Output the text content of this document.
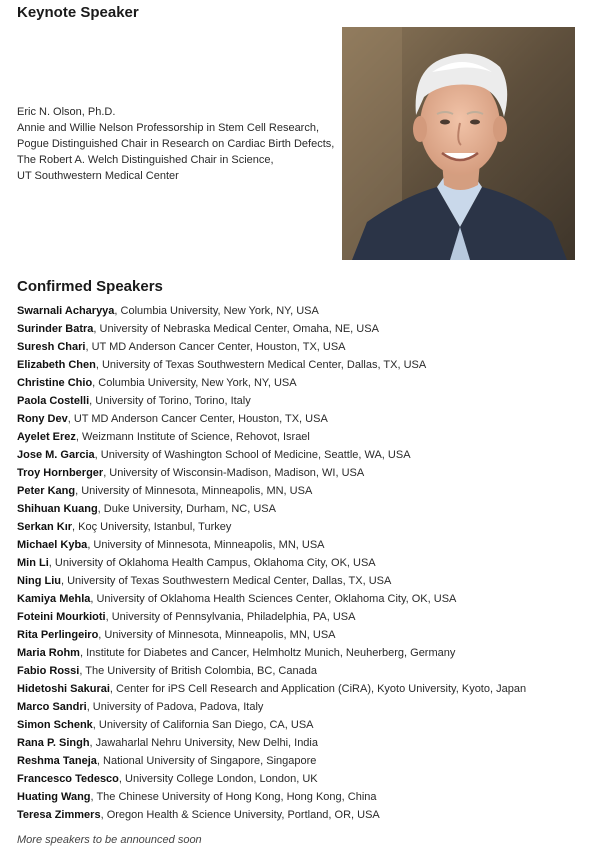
Keynote Speaker
Eric N. Olson, Ph.D.
Annie and Willie Nelson Professorship in Stem Cell Research,
Pogue Distinguished Chair in Research on Cardiac Birth Defects,
The Robert A. Welch Distinguished Chair in Science,
UT Southwestern Medical Center
Confirmed Speakers
Swarnali Acharyya, Columbia University, New York, NY, USA
Surinder Batra, University of Nebraska Medical Center, Omaha, NE, USA
Suresh Chari, UT MD Anderson Cancer Center, Houston, TX, USA
Elizabeth Chen, University of Texas Southwestern Medical Center, Dallas, TX, USA
Christine Chio, Columbia University, New York, NY, USA
Paola Costelli, University of Torino, Torino, Italy
Rony Dev, UT MD Anderson Cancer Center, Houston, TX, USA
Ayelet Erez, Weizmann Institute of Science, Rehovot, Israel
Jose M. Garcia, University of Washington School of Medicine, Seattle, WA, USA
Troy Hornberger, University of Wisconsin-Madison, Madison, WI, USA
Peter Kang, University of Minnesota, Minneapolis, MN, USA
Shihuan Kuang, Duke University, Durham, NC, USA
Serkan Kır, Koç University, Istanbul, Turkey
Michael Kyba, University of Minnesota, Minneapolis, MN, USA
Min Li, University of Oklahoma Health Campus, Oklahoma City, OK, USA
Ning Liu, University of Texas Southwestern Medical Center, Dallas, TX, USA
Kamiya Mehla, University of Oklahoma Health Sciences Center, Oklahoma City, OK, USA
Foteini Mourkioti, University of Pennsylvania, Philadelphia, PA, USA
Rita Perlingeiro, University of Minnesota, Minneapolis, MN, USA
Maria Rohm, Institute for Diabetes and Cancer, Helmholtz Munich, Neuherberg, Germany
Fabio Rossi, The University of British Colombia, BC, Canada
Hidetoshi Sakurai, Center for iPS Cell Research and Application (CiRA), Kyoto University, Kyoto, Japan
Marco Sandri, University of Padova, Padova, Italy
Simon Schenk, University of California San Diego, CA, USA
Rana P. Singh, Jawaharlal Nehru University, New Delhi, India
Reshma Taneja, National University of Singapore, Singapore
Francesco Tedesco, University College London, London, UK
Huating Wang, The Chinese University of Hong Kong, Hong Kong, China
Teresa Zimmers, Oregon Health & Science University, Portland, OR, USA
More speakers to be announced soon
